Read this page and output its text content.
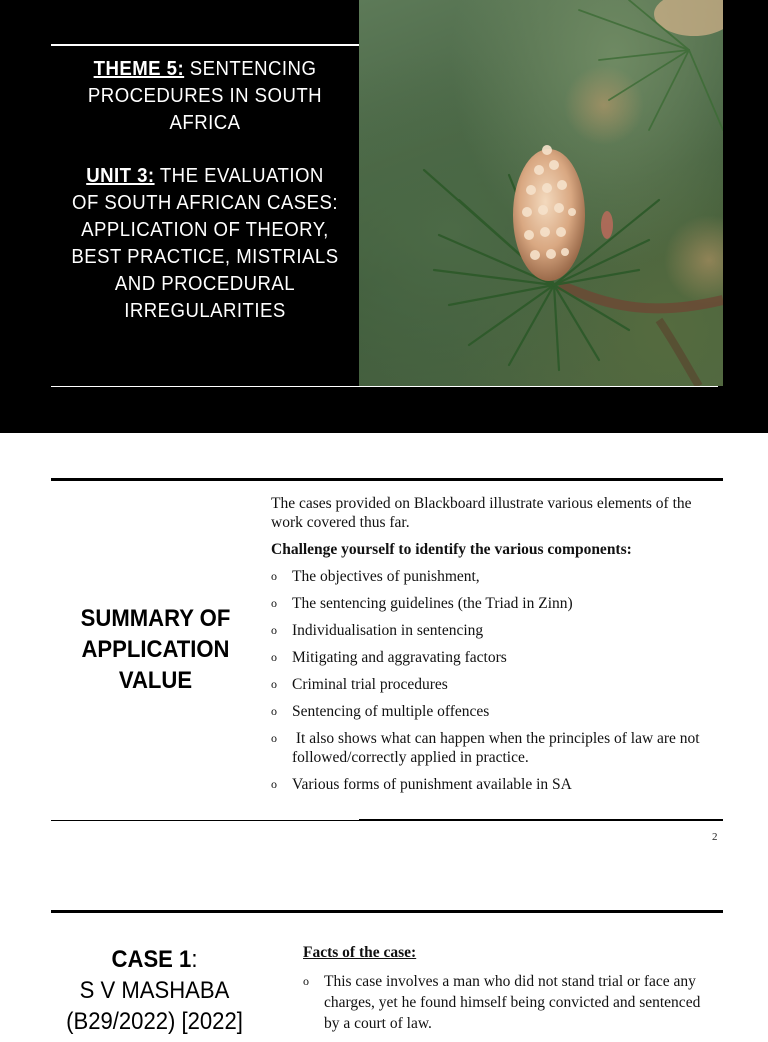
THEME 5: SENTENCING PROCEDURES IN SOUTH AFRICA
UNIT 3: THE EVALUATION OF SOUTH AFRICAN CASES: APPLICATION OF THEORY, BEST PRACTICE, MISTRIALS AND PROCEDURAL IRREGULARITIES
SUMMARY OF APPLICATION VALUE

The cases provided on Blackboard illustrate various elements of the work covered thus far.

Challenge yourself to identify the various components:

o The objectives of punishment,
o The sentencing guidelines (the Triad in Zinn)
o Individualisation in sentencing
o Mitigating and aggravating factors
o Criminal trial procedures
o Sentencing of multiple offences
o It also shows what can happen when the principles of law are not followed/correctly applied in practice.
o Various forms of punishment available in SA
2
CASE 1:
S V MASHABA
(B29/2022) [2022]

Facts of the case:

o This case involves a man who did not stand trial or face any charges, yet he found himself being convicted and sentenced by a court of law.
